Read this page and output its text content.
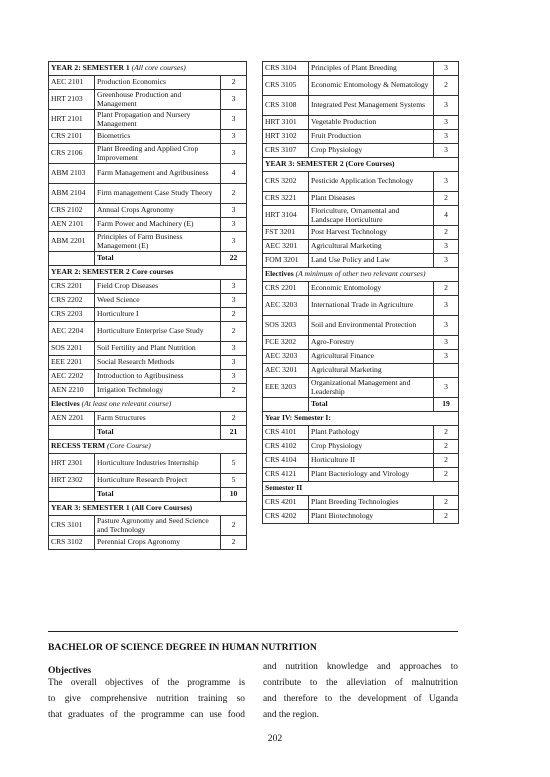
YEAR 2: SEMESTER 1 (All core courses)		
AEC 2101	Production Economics	2
HRT 2103	Greenhouse Production and Management	3
HRT 2101	Plant Propagation and Nursery Management	3
CRS 2101	Biometrics	3
CRS 2106	Plant Breeding and Applied Crop Improvement	3
ABM 2103	Farm Management and Agribusiness	4
ABM 2104	Firm management Case Study Theory	2
CRS 2102	Annual Crops Agronomy	3
AEN 2101	Farm Power and Machinery (E)	3
ABM 2201	Principles of Farm Business Management (E)	3
	Total	22
YEAR 2: SEMESTER 2 Core courses		
CRS 2201	Field Crop Diseases	3
CRS 2202	Weed Science	3
CRS 2203	Horticulture I	2
AEC 2204	Horticulture Enterprise Case Study	2
SOS 2201	Soil Fertility and Plant Nutrition	3
EEE 2201	Social Research Methods	3
AEC 2202	Introduction to Agribusiness	3
AEN 2210	Irrigation Technology	2
Electives (At least one relevant course)		
AEN 2201	Farm Structures	2
	Total	21
RECESS TERM (Core Course)		
HRT 2301	Horticulture Industries Internship	5
HRT 2302	Horticulture Research Project	5
	Total	10
YEAR 3: SEMESTER 1 (All Core Courses)		
CRS 3101	Pasture Agronomy and Seed Science and Technology	2
CRS 3102	Perennial Crops Agronomy	2
CRS 3104	Principles of Plant Breeding	3
CRS 3105	Economic Entomology & Nematology	2
CRS 3108	Integrated Pest Management Systems	3
HRT 3101	Vegetable Production	3
HRT 3102	Fruit Production	3
CRS 3107	Crop Physiology	3
YEAR 3: SEMESTER 2 (Core Courses)		
CRS 3202	Pesticide Application Technology	3
CRS 3221	Plant Diseases	2
HRT 3104	Floriculture, Ornamental and Landscape Horticulture	4
FST 3201	Post Harvest Technology	2
AEC 3201	Agricultural Marketing	3
FOM 3201	Land Use Policy and Law	3
Electives (A minimum of other two relevant courses)		
CRS 2201	Economic Entomology	2
AEC 3203	International Trade in Agriculture	3
SOS 3203	Soil and Environmental Protection	3
FCE 3202	Agro-Forestry	3
AEC 3203	Agricultural Finance	3
AEC 3201	Agricultural Marketing	
EEE 3203	Organizational Management and Leadership	3
	Total	19
Year IV: Semester I:		
CRS 4101	Plant Pathology	2
CRS 4102	Crop Physiology	2
CRS 4104	Horticulture II	2
CRS 4121	Plant Bacteriology and Virology	2
Semester II		
CRS 4201	Plant Breeding Technologies	2
CRS 4202	Plant Biotechnology	2
BACHELOR OF SCIENCE DEGREE IN HUMAN NUTRITION
Objectives
The overall objectives of the programme is
to give comprehensive nutrition training so
that graduates of the programme can use food
and nutrition knowledge and approaches to
contribute to the alleviation of malnutrition
and therefore to the development of Uganda
and the region.
202
